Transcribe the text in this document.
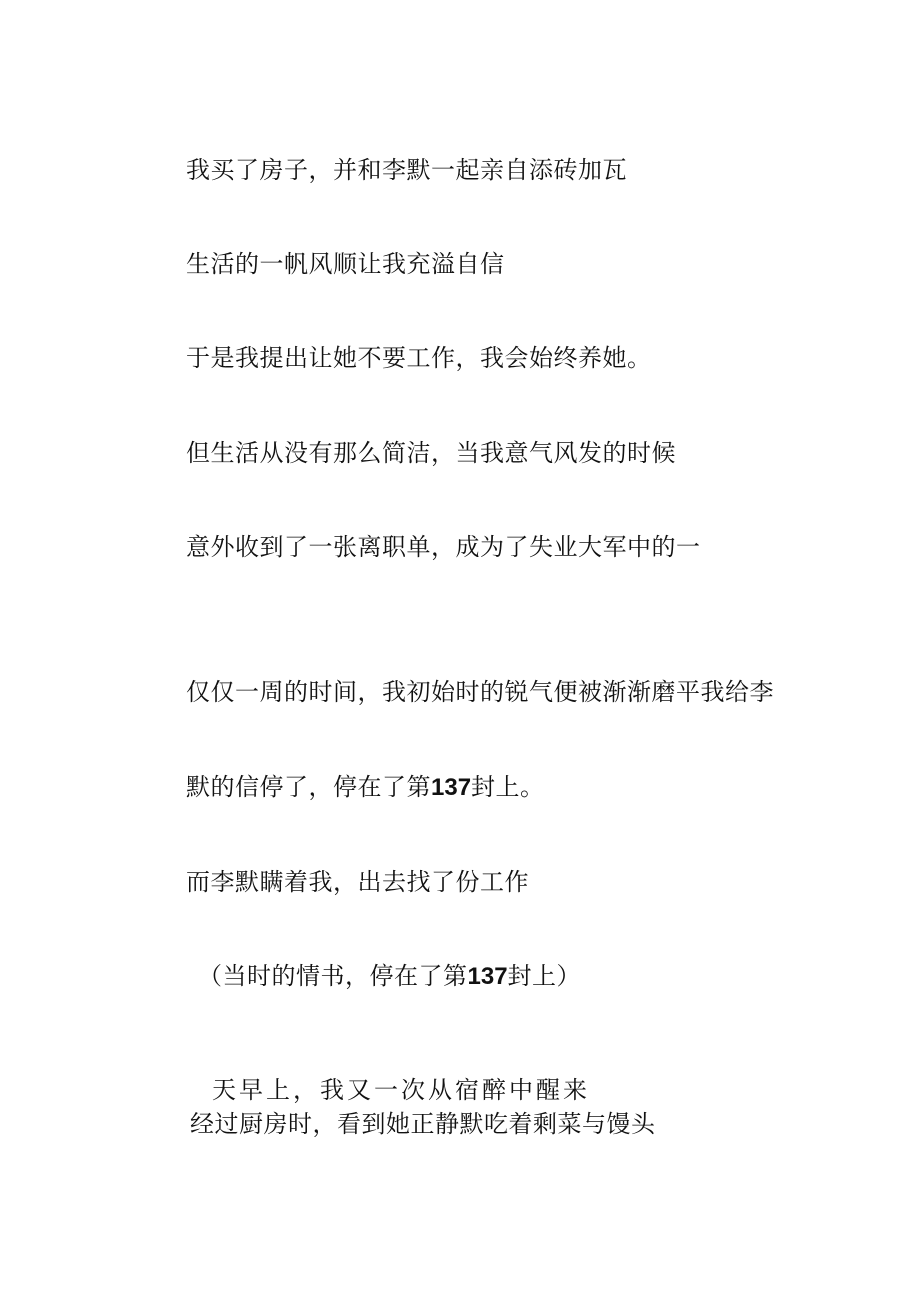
我买了房子，并和李默一起亲自添砖加瓦

生活的一帆风顺让我充溢自信

于是我提出让她不要工作，我会始终养她。

但生活从没有那么简洁，当我意气风发的时候

意外收到了一张离职单，成为了失业大军中的一

仅仅一周的时间，我初始时的锐气便被渐渐磨平我给李

默的信停了，停在了第137封上。

而李默瞒着我，出去找了份工作

（当时的情书，停在了第137封上）

天早上，我又一次从宿醉中醒来

经过厨房时，看到她正静默吃着剩菜与馒头
